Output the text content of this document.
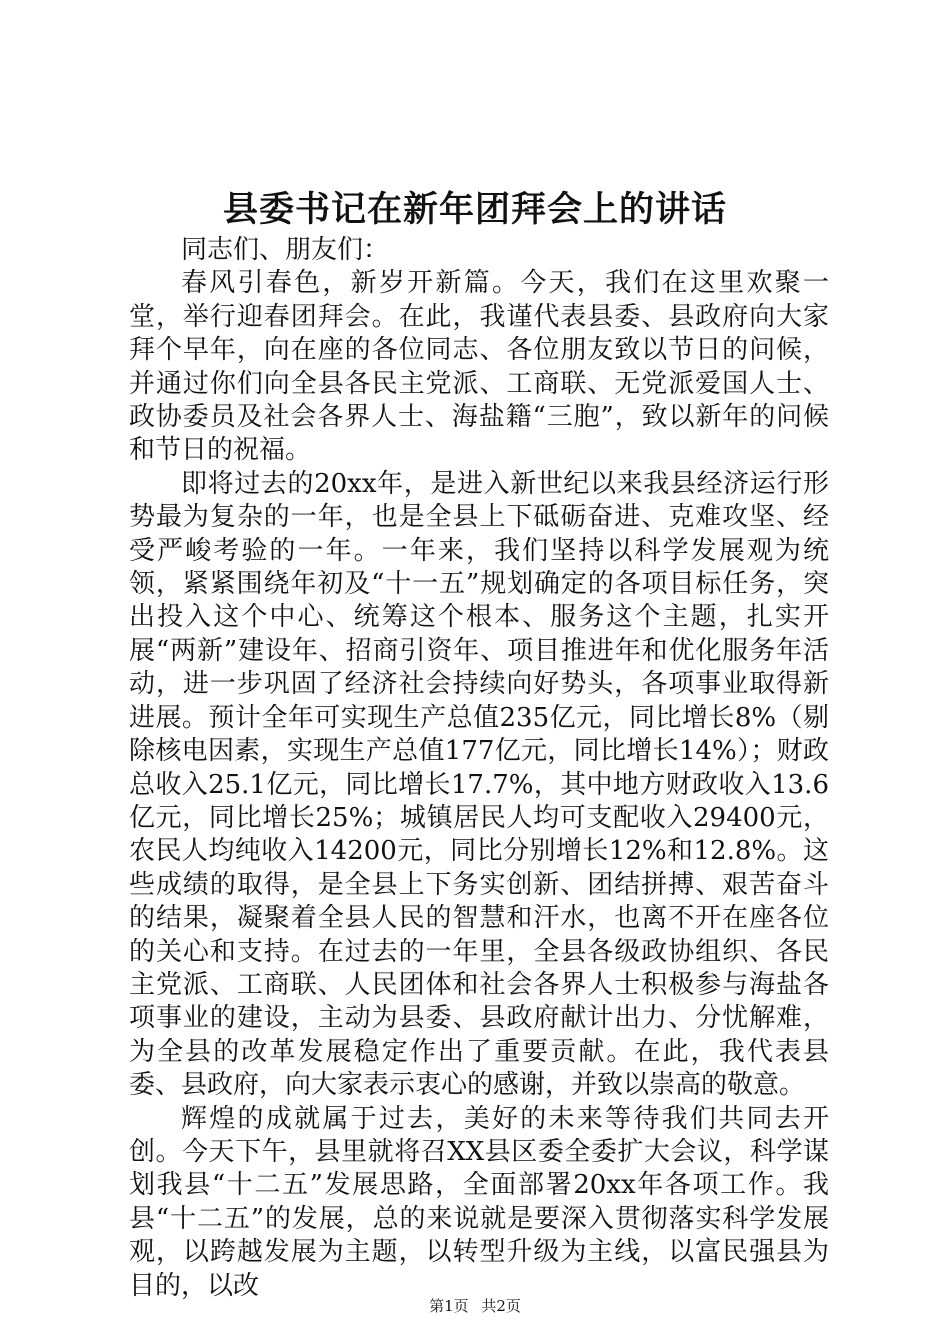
县委书记在新年团拜会上的讲话

同志们、朋友们：

春风引春色，新岁开新篇。今天，我们在这里欢聚一堂，举行迎春团拜会。在此，我谨代表县委、县政府向大家拜个早年，向在座的各位同志、各位朋友致以节日的问候，并通过你们向全县各民主党派、工商联、无党派爱国人士、政协委员及社会各界人士、海盐籍“三胞”，致以新年的问候和节日的祝福。

即将过去的20xx年，是进入新世纪以来我县经济运行形势最为复杂的一年，也是全县上下砥砺奋进、克难攻坚、经受严峻考验的一年。一年来，我们坚持以科学发展观为统领，紧紧围绕年初及“十一五”规划确定的各项目标任务，突出投入这个中心、统筹这个根本、服务这个主题，扎实开展“两新”建设年、招商引资年、项目推进年和优化服务年活动，进一步巩固了经济社会持续向好势头，各项事业取得新进展。预计全年可实现生产总值235亿元，同比增长8%（剔除核电因素，实现生产总值177亿元，同比增长14%）；财政总收入25.1亿元，同比增长17.7%，其中地方财政收入13.6亿元，同比增长25%；城镇居民人均可支配收入29400元，农民人均纯收入14200元，同比分别增长12%和12.8%。这些成绩的取得，是全县上下务实创新、团结拼搏、艰苦奋斗的结果，凝聚着全县人民的智慧和汗水，也离不开在座各位的关心和支持。在过去的一年里，全县各级政协组织、各民主党派、工商联、人民团体和社会各界人士积极参与海盐各项事业的建设，主动为县委、县政府献计出力、分忧解难，为全县的改革发展稳定作出了重要贡献。在此，我代表县委、县政府，向大家表示衷心的感谢，并致以崇高的敬意。

辉煌的成就属于过去，美好的未来等待我们共同去开创。今天下午，县里就将召XX县区委全委扩大会议，科学谋划我县“十二五”发展思路，全面部署20xx年各项工作。我县“十二五”的发展，总的来说就是要深入贯彻落实科学发展观，以跨越发展为主题，以转型升级为主线，以富民强县为目的，以改

第1页 共2页
